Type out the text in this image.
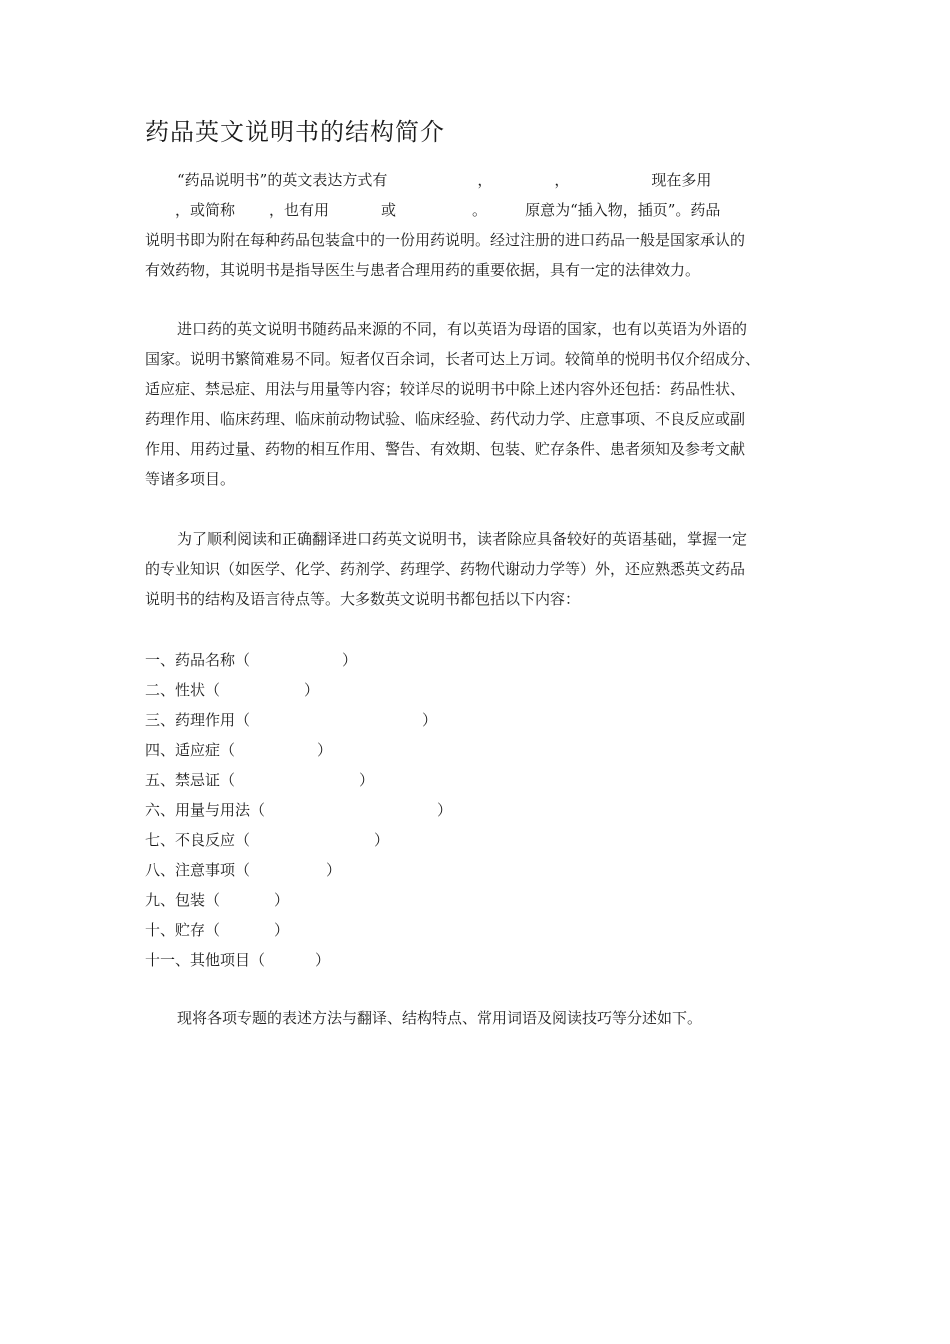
药品英文说明书的结构简介
“药品说明书”的英文表达方式有	，	，	现在多用
，或简称 ，也有用	或	。	原意为“插入物，插页”。药品
说明书即为附在每种药品包装盒中的一份用药说明。经过注册的进口药品一般是国家承认的
有效药物，其说明书是指导医生与患者合理用药的重要依据，具有一定的法律效力。
进口药的英文说明书随药品来源的不同，有以英语为母语的国家，也有以英语为外语的
国家。说明书繁简难易不同。短者仅百余词，长者可达上万词。较简单的悦明书仅介绍成分、
适应症、禁忌症、用法与用量等内容；较详尽的说明书中除上述内容外还包括：药品性状、
药理作用、临床药理、临床前动物试验、临床经验、药代动力学、庄意事项、不良反应或副
作用、用药过量、药物的相互作用、警告、有效期、包装、贮存条件、患者须知及参考文献
等诸多项目。
为了顺利阅读和正确翻译进口药英文说明书，读者除应具备较好的英语基础，掌握一定
的专业知识（如医学、化学、药剂学、药理学、药物代谢动力学等）外，还应熟悉英文药品
说明书的结构及语言待点等。大多数英文说明书都包括以下内容：
一、药品名称（	）
二、性状（	）
三、药理作用（	）
四、适应症（	）
五、禁忌证（	）
六、用量与用法（	）
七、不良反应（	）
八、注意事项（	）
九、包装（	）
十、贮存（	）
十一、其他项目（	）

现将各项专题的表述方法与翻译、结构特点、常用词语及阅读技巧等分述如下。
